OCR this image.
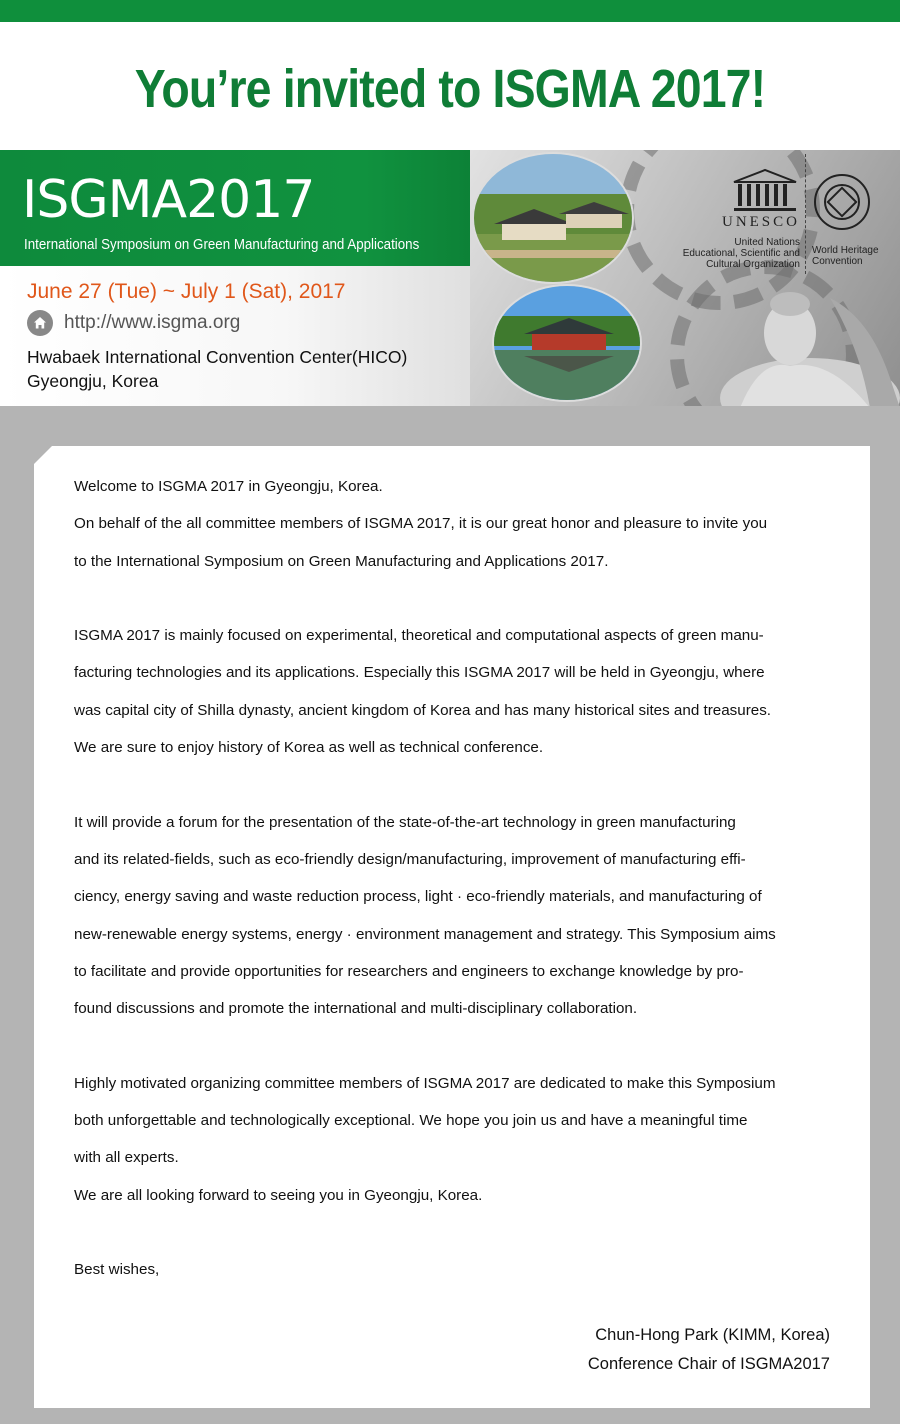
You’re invited to ISGMA 2017!
ISGMA2017
International Symposium on Green Manufacturing and Applications
June 27 (Tue) ~ July 1 (Sat), 2017
http://www.isgma.org
Hwabaek International Convention Center(HICO)
Gyeongju, Korea
UNESCO
United Nations
Educational, Scientific and
Cultural Organization
World Heritage
Convention

Welcome to ISGMA 2017 in Gyeongju, Korea.

On behalf of the all committee members of ISGMA 2017, it is our great honor and pleasure to invite you

to the International Symposium on Green Manufacturing and Applications 2017.

ISGMA 2017 is mainly focused on experimental, theoretical and computational aspects of green manu-

facturing technologies and its applications. Especially this ISGMA 2017 will be held in Gyeongju, where

was capital city of Shilla dynasty, ancient kingdom of Korea and has many historical sites and treasures.

We are sure to enjoy history of Korea as well as technical conference.

It will provide a forum for the presentation of the state-of-the-art technology in green manufacturing

and its related-fields, such as eco-friendly design/manufacturing, improvement of manufacturing effi-

ciency, energy saving and waste reduction process, light · eco-friendly materials, and manufacturing of

new-renewable energy systems, energy · environment management and strategy. This Symposium aims

to facilitate and provide opportunities for researchers and engineers to exchange knowledge by pro-

found discussions and promote the international and multi-disciplinary collaboration.

Highly motivated organizing committee members of ISGMA 2017 are dedicated to make this Symposium

both unforgettable and technologically exceptional. We hope you join us and have a meaningful time

with all experts.

We are all looking forward to seeing you in Gyeongju, Korea.

Best wishes,

Chun-Hong Park (KIMM, Korea)
Conference Chair of ISGMA2017
